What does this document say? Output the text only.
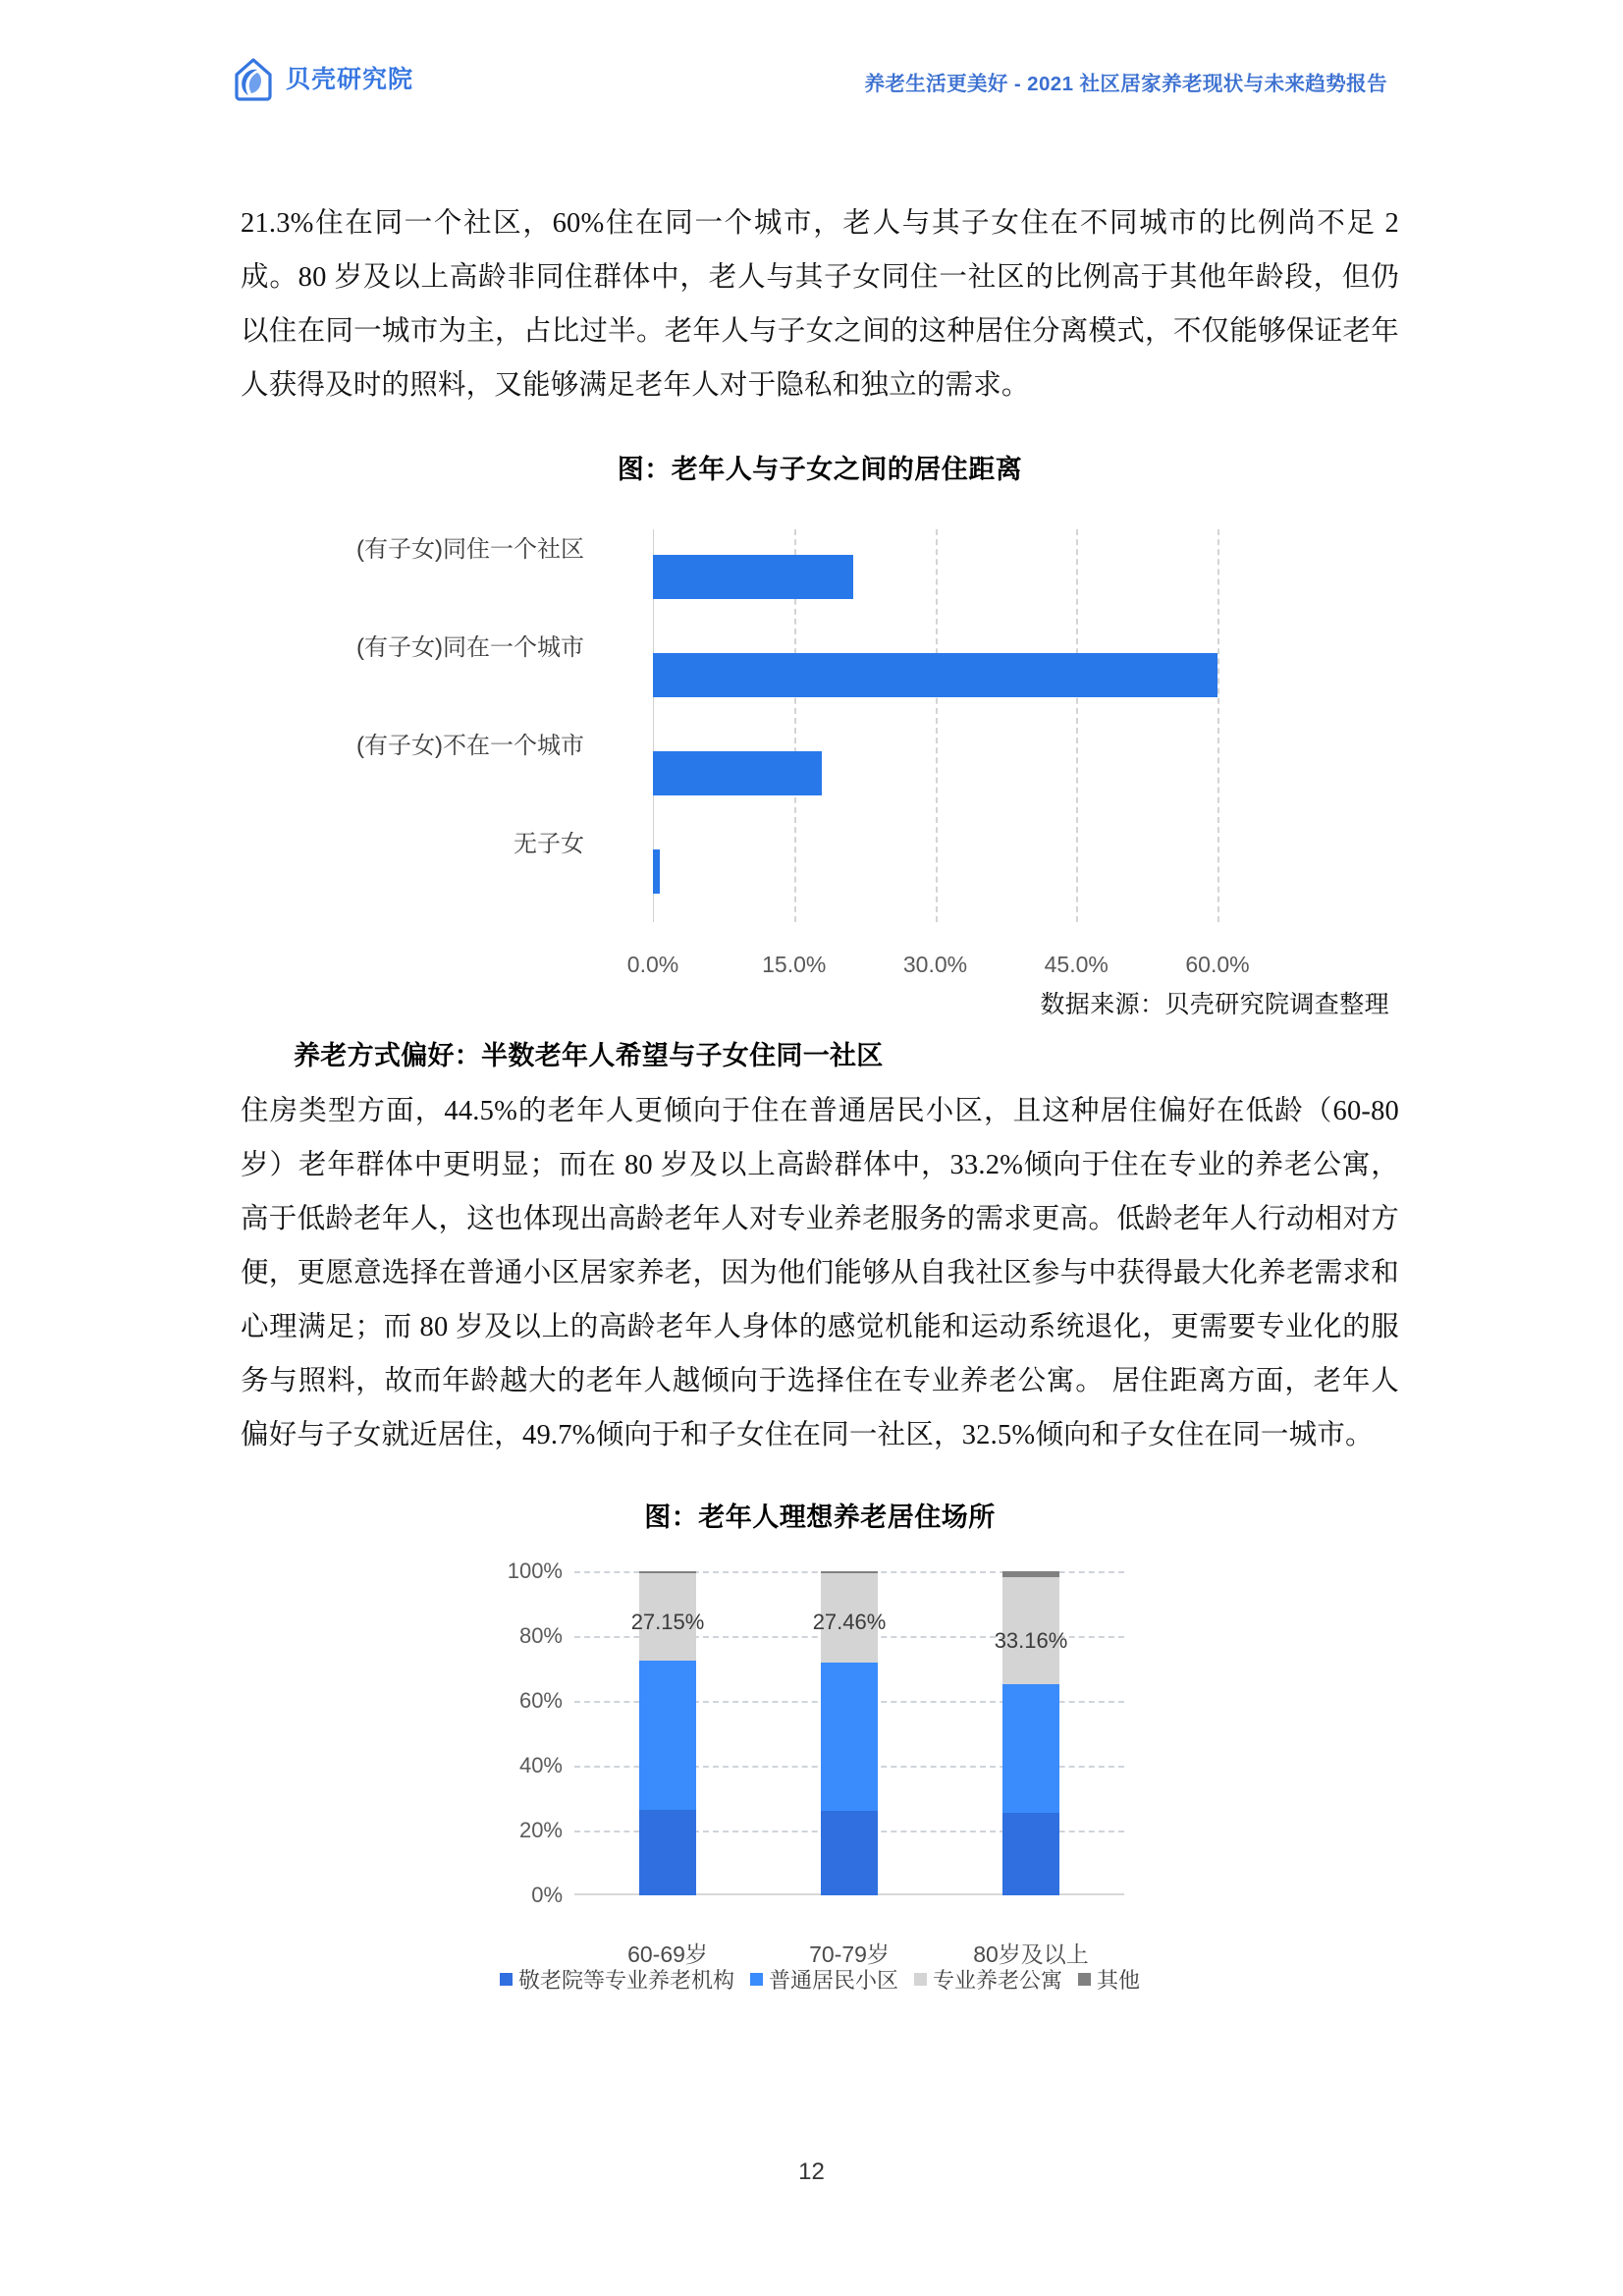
贝壳研究院	养老生活更美好 - 2021 社区居家养老现状与未来趋势报告

21.3%住在同一个社区，60%住在同一个城市，老人与其子女住在不同城市的比例尚不足 2 成。80 岁及以上高龄非同住群体中，老人与其子女同住一社区的比例高于其他年龄段，但仍以住在同一城市为主，占比过半。老年人与子女之间的这种居住分离模式，不仅能够保证老年人获得及时的照料，又能够满足老年人对于隐私和独立的需求。

图：老年人与子女之间的居住距离
(有子女)同住一个社区
(有子女)同在一个城市
(有子女)不在一个城市
无子女
0.0%	15.0%	30.0%	45.0%	60.0%
数据来源：贝壳研究院调查整理
养老方式偏好：半数老年人希望与子女住同一社区

住房类型方面，44.5%的老年人更倾向于住在普通居民小区，且这种居住偏好在低龄（60-80 岁）老年群体中更明显；而在 80 岁及以上高龄群体中，33.2%倾向于住在专业的养老公寓，高于低龄老年人，这也体现出高龄老年人对专业养老服务的需求更高。低龄老年人行动相对方便，更愿意选择在普通小区居家养老，因为他们能够从自我社区参与中获得最大化养老需求和心理满足；而 80 岁及以上的高龄老年人身体的感觉机能和运动系统退化，更需要专业化的服务与照料，故而年龄越大的老年人越倾向于选择住在专业养老公寓。 居住距离方面，老年人偏好与子女就近居住，49.7%倾向于和子女住在同一社区，32.5%倾向和子女住在同一城市。

图：老年人理想养老居住场所
0%
20%
40%
60%
80%
100%
27.15%	27.46%
33.16%
60-69岁	70-79岁	80岁及以上
敬老院等专业养老机构 普通居民小区 专业养老公寓 其他
12
